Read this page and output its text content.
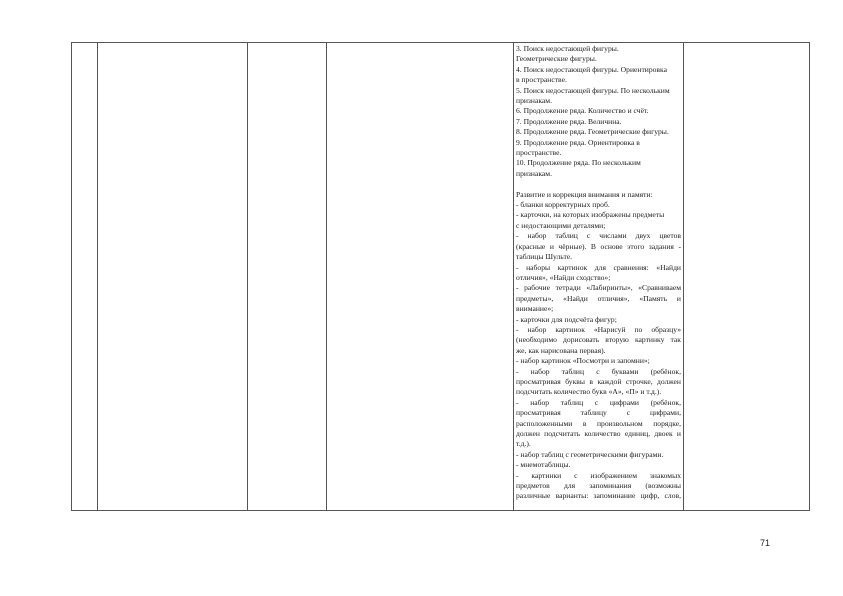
3. Поиск недостающей фигуры.
Геометрические фигуры.
4. Поиск недостающей фигуры. Ориентировка
в пространстве.
5. Поиск недостающей фигуры. По нескольким
признакам.
6. Продолжение ряда. Количество и счёт.
7. Продолжение ряда. Величина.
8. Продолжение ряда. Геометрические фигуры.
9. Продолжение ряда. Ориентировка в
пространстве.
10. Продолжение ряда. По нескольким
признакам.
Развитие и коррекция внимания и памяти:
- бланки корректурных проб.
- карточки, на которых изображены предметы
с недостающими деталями;
- набор таблиц с числами двух цветов
(красные и чёрные). В основе этого задания -
таблицы Шульте.
- наборы картинок для сравнения: «Найди
отличия», «Найди сходство»;
- рабочие тетради «Лабиринты», «Сравниваем
предметы», «Найди отличия», «Память и
внимание»;
- карточки для подсчёта фигур;
- набор картинок «Нарисуй по образцу»
(необходимо дорисовать вторую картинку так
же, как нарисована первая).
- набор картинок «Посмотри и запомни»;
- набор таблиц с буквами (ребёнок,
просматривая буквы в каждой строчке, должен
подсчитать количество букв «А», «П» и т.д.).
- набор таблиц с цифрами (ребёнок,
просматривая таблицу с цифрами,
расположенными в произвольном порядке,
должен подсчитать количество единиц, двоек и
т.д.).
- набор таблиц с геометрическими фигурами.
- мнемотаблицы.
- картинки с изображением знакомых
предметов для запоминания (возможны
различные варианты: запоминание цифр, слов,

71
